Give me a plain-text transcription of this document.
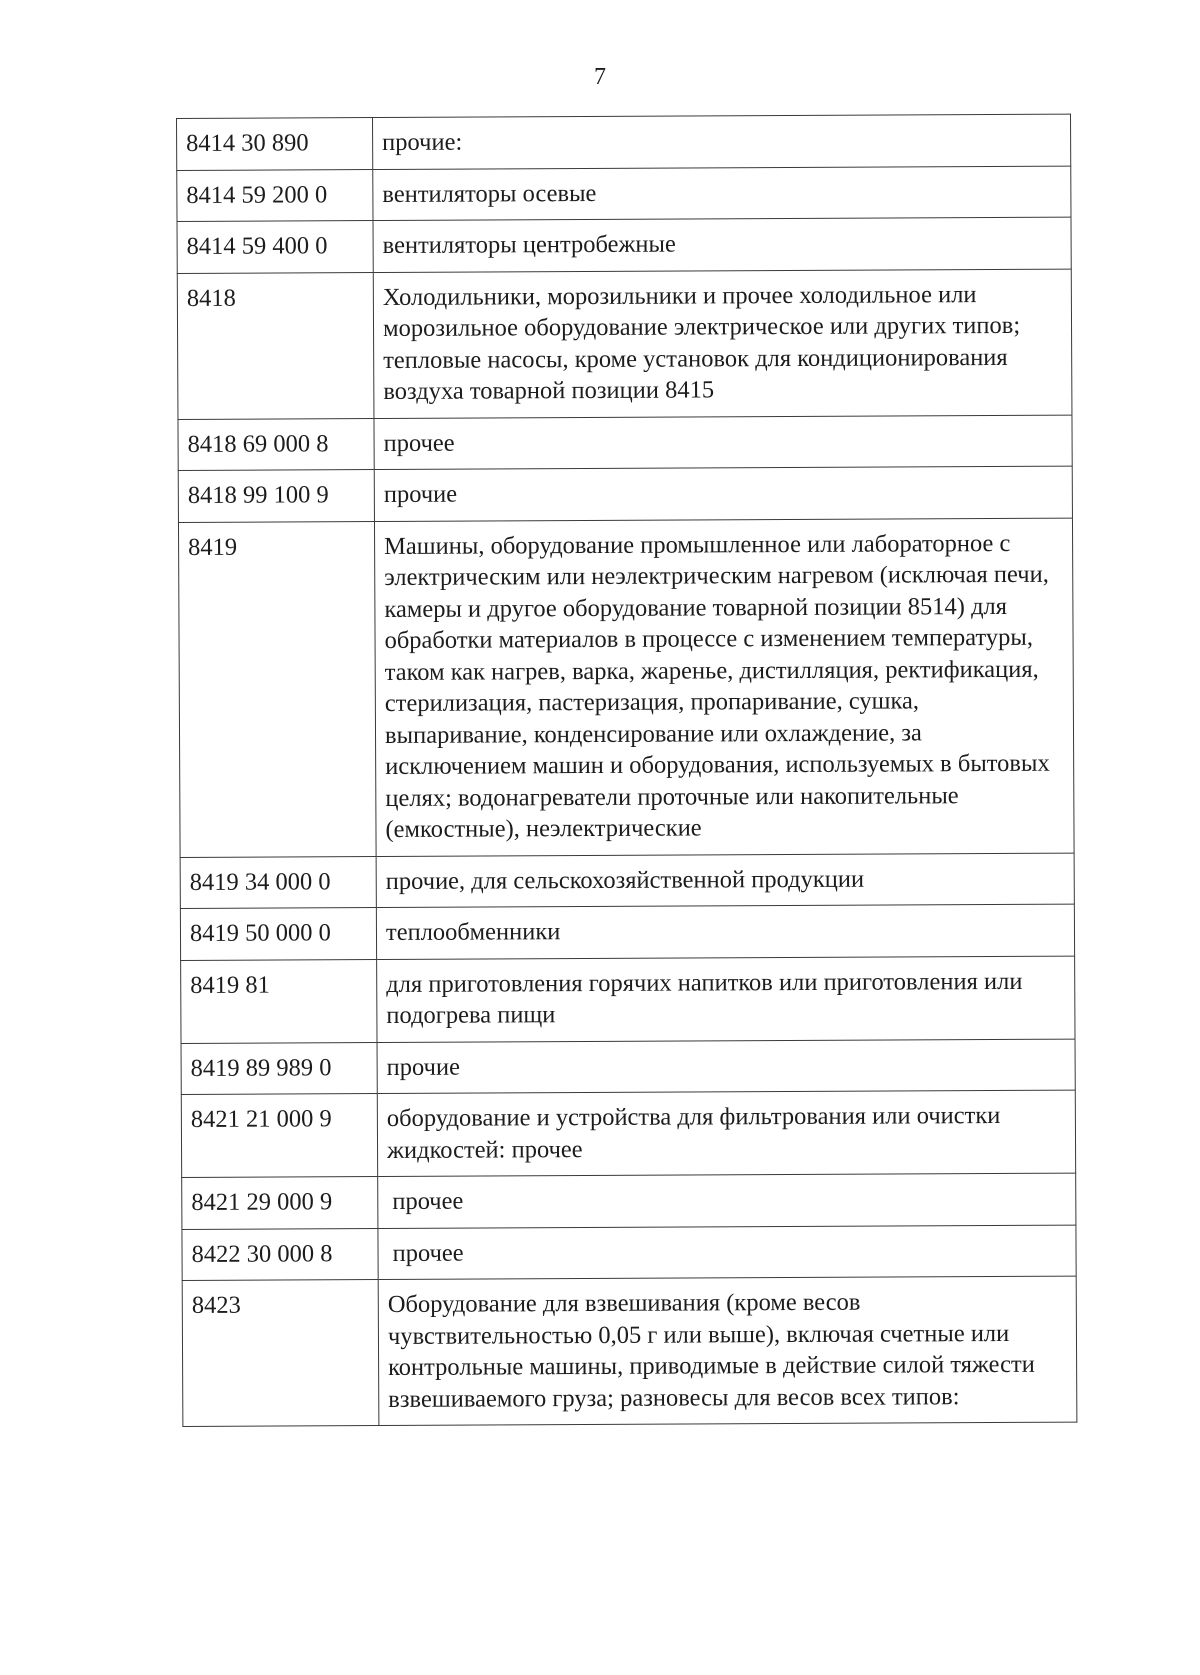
7
8414 30 890	прочие:
8414 59 200 0	вентиляторы осевые
8414 59 400 0	вентиляторы центробежные
8418	Холодильники, морозильники и прочее холодильное или морозильное оборудование электрическое или других типов; тепловые насосы, кроме установок для кондиционирования воздуха товарной позиции 8415
8418 69 000 8	прочее
8418 99 100 9	прочие
8419	Машины, оборудование промышленное или лабораторное с электрическим или неэлектрическим нагревом (исключая печи, камеры и другое оборудование товарной позиции 8514) для обработки материалов в процессе с изменением температуры, таком как нагрев, варка, жаренье, дистилляция, ректификация, стерилизация, пастеризация, пропаривание, сушка, выпаривание, конденсирование или охлаждение, за исключением машин и оборудования, используемых в бытовых целях; водонагреватели проточные или накопительные (емкостные), неэлектрические
8419 34 000 0	прочие, для сельскохозяйственной продукции
8419 50 000 0	теплообменники
8419 81	для приготовления горячих напитков или приготовления или подогрева пищи
8419 89 989 0	прочие
8421 21 000 9	оборудование и устройства для фильтрования или очистки жидкостей: прочее
8421 29 000 9	прочее
8422 30 000 8	прочее
8423	Оборудование для взвешивания (кроме весов чувствительностью 0,05 г или выше), включая счетные или контрольные машины, приводимые в действие силой тяжести взвешиваемого груза; разновесы для весов всех типов:
